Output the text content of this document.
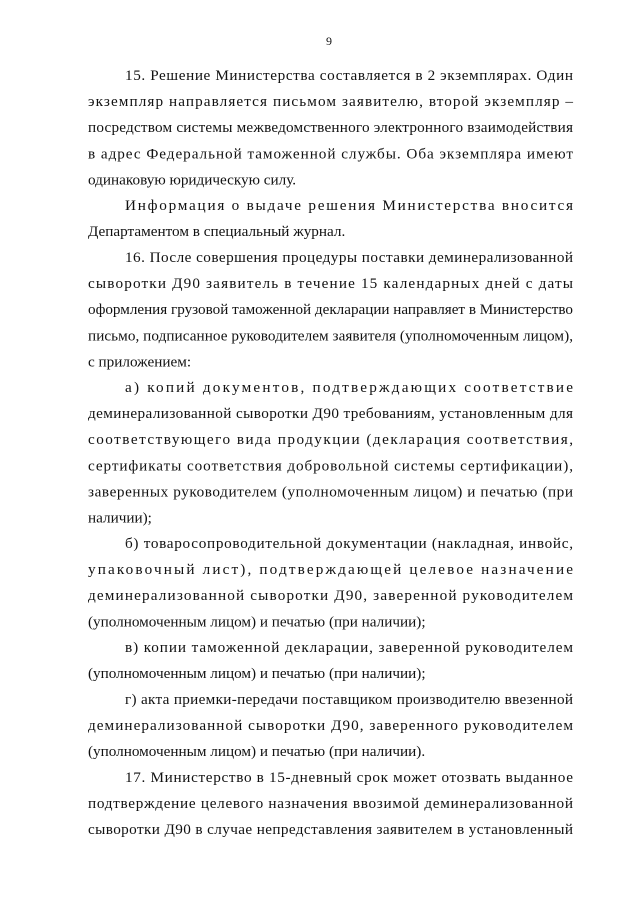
9
15. Решение Министерства составляется в 2 экземплярах. Один
экземпляр направляется письмом заявителю, второй экземпляр –
посредством системы межведомственного электронного взаимодействия
в адрес Федеральной таможенной службы. Оба экземпляра имеют
одинаковую юридическую силу.
Информация о выдаче решения Министерства вносится
Департаментом в специальный журнал.
16. После совершения процедуры поставки деминерализованной
сыворотки Д90 заявитель в течение 15 календарных дней с даты
оформления грузовой таможенной декларации направляет в Министерство
письмо, подписанное руководителем заявителя (уполномоченным лицом),
с приложением:
а) копий документов, подтверждающих соответствие
деминерализованной сыворотки Д90 требованиям, установленным для
соответствующего вида продукции (декларация соответствия,
сертификаты соответствия добровольной системы сертификации),
заверенных руководителем (уполномоченным лицом) и печатью (при
наличии);
б) товаросопроводительной документации (накладная, инвойс,
упаковочный лист), подтверждающей целевое назначение
деминерализованной сыворотки Д90, заверенной руководителем
(уполномоченным лицом) и печатью (при наличии);
в) копии таможенной декларации, заверенной руководителем
(уполномоченным лицом) и печатью (при наличии);
г) акта приемки-передачи поставщиком производителю ввезенной
деминерализованной сыворотки Д90, заверенного руководителем
(уполномоченным лицом) и печатью (при наличии).
17. Министерство в 15-дневный срок может отозвать выданное
подтверждение целевого назначения ввозимой деминерализованной
сыворотки Д90 в случае непредставления заявителем в установленный
